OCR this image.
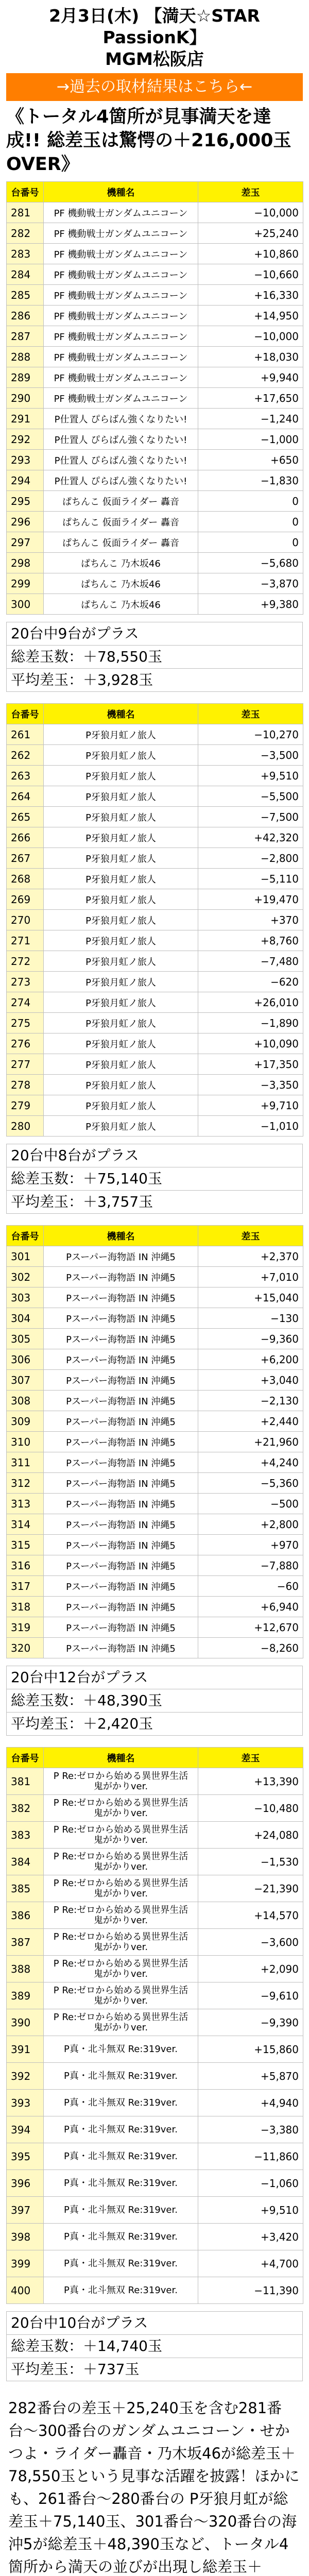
2月3日(木) 【満天☆STAR PassionK】
MGM松阪店
→過去の取材結果はこちら←
《トータル4箇所が見事満天を達成!! 総差玉は驚愕の＋216,000玉OVER》
台番号	機種名	差玉
281	PF 機動戦士ガンダムユニコーン	−10,000
282	PF 機動戦士ガンダムユニコーン	+25,240
283	PF 機動戦士ガンダムユニコーン	+10,860
284	PF 機動戦士ガンダムユニコーン	−10,660
285	PF 機動戦士ガンダムユニコーン	+16,330
286	PF 機動戦士ガンダムユニコーン	+14,950
287	PF 機動戦士ガンダムユニコーン	−10,000
288	PF 機動戦士ガンダムユニコーン	+18,030
289	PF 機動戦士ガンダムユニコーン	+9,940
290	PF 機動戦士ガンダムユニコーン	+17,650
291	P仕置人 ぴらばん強くなりたい!	−1,240
292	P仕置人 ぴらばん強くなりたい!	−1,000
293	P仕置人 ぴらばん強くなりたい!	+650
294	P仕置人 ぴらばん強くなりたい!	−1,830
295	ぱちんこ 仮面ライダー 轟音	0
296	ぱちんこ 仮面ライダー 轟音	0
297	ぱちんこ 仮面ライダー 轟音	0
298	ぱちんこ 乃木坂46	−5,680
299	ぱちんこ 乃木坂46	−3,870
300	ぱちんこ 乃木坂46	+9,380
20台中9台がプラス
総差玉数：＋78,550玉
平均差玉：＋3,928玉
台番号	機種名	差玉
261	P牙狼月虹ノ旅人	−10,270
262	P牙狼月虹ノ旅人	−3,500
263	P牙狼月虹ノ旅人	+9,510
264	P牙狼月虹ノ旅人	−5,500
265	P牙狼月虹ノ旅人	−7,500
266	P牙狼月虹ノ旅人	+42,320
267	P牙狼月虹ノ旅人	−2,800
268	P牙狼月虹ノ旅人	−5,110
269	P牙狼月虹ノ旅人	+19,470
270	P牙狼月虹ノ旅人	+370
271	P牙狼月虹ノ旅人	+8,760
272	P牙狼月虹ノ旅人	−7,480
273	P牙狼月虹ノ旅人	−620
274	P牙狼月虹ノ旅人	+26,010
275	P牙狼月虹ノ旅人	−1,890
276	P牙狼月虹ノ旅人	+10,090
277	P牙狼月虹ノ旅人	+17,350
278	P牙狼月虹ノ旅人	−3,350
279	P牙狼月虹ノ旅人	+9,710
280	P牙狼月虹ノ旅人	−1,010
20台中8台がプラス
総差玉数：＋75,140玉
平均差玉：＋3,757玉
台番号	機種名	差玉
301	Pスーパー海物語 IN 沖縄5	+2,370
302	Pスーパー海物語 IN 沖縄5	+7,010
303	Pスーパー海物語 IN 沖縄5	+15,040
304	Pスーパー海物語 IN 沖縄5	−130
305	Pスーパー海物語 IN 沖縄5	−9,360
306	Pスーパー海物語 IN 沖縄5	+6,200
307	Pスーパー海物語 IN 沖縄5	+3,040
308	Pスーパー海物語 IN 沖縄5	−2,130
309	Pスーパー海物語 IN 沖縄5	+2,440
310	Pスーパー海物語 IN 沖縄5	+21,960
311	Pスーパー海物語 IN 沖縄5	+4,240
312	Pスーパー海物語 IN 沖縄5	−5,360
313	Pスーパー海物語 IN 沖縄5	−500
314	Pスーパー海物語 IN 沖縄5	+2,800
315	Pスーパー海物語 IN 沖縄5	+970
316	Pスーパー海物語 IN 沖縄5	−7,880
317	Pスーパー海物語 IN 沖縄5	−60
318	Pスーパー海物語 IN 沖縄5	+6,940
319	Pスーパー海物語 IN 沖縄5	+12,670
320	Pスーパー海物語 IN 沖縄5	−8,260
20台中12台がプラス
総差玉数：＋48,390玉
平均差玉：＋2,420玉
台番号	機種名	差玉
381	P Re:ゼロから始める異世界生活 鬼がかりver.	+13,390
382	P Re:ゼロから始める異世界生活 鬼がかりver.	−10,480
383	P Re:ゼロから始める異世界生活 鬼がかりver.	+24,080
384	P Re:ゼロから始める異世界生活 鬼がかりver.	−1,530
385	P Re:ゼロから始める異世界生活 鬼がかりver.	−21,390
386	P Re:ゼロから始める異世界生活 鬼がかりver.	+14,570
387	P Re:ゼロから始める異世界生活 鬼がかりver.	−3,600
388	P Re:ゼロから始める異世界生活 鬼がかりver.	+2,090
389	P Re:ゼロから始める異世界生活 鬼がかりver.	−9,610
390	P Re:ゼロから始める異世界生活 鬼がかりver.	−9,390
391	P真・北斗無双 Re:319ver.	+15,860
392	P真・北斗無双 Re:319ver.	+5,870
393	P真・北斗無双 Re:319ver.	+4,940
394	P真・北斗無双 Re:319ver.	−3,380
395	P真・北斗無双 Re:319ver.	−11,860
396	P真・北斗無双 Re:319ver.	−1,060
397	P真・北斗無双 Re:319ver.	+9,510
398	P真・北斗無双 Re:319ver.	+3,420
399	P真・北斗無双 Re:319ver.	+4,700
400	P真・北斗無双 Re:319ver.	−11,390
20台中10台がプラス
総差玉数：＋14,740玉
平均差玉：＋737玉
282番台の差玉＋25,240玉を含む281番台〜300番台のガンダムユニコーン・せかつよ・ライダー轟音・乃木坂46が総差玉＋78,550玉という見事な活躍を披露！ほかにも、261番台〜280番台の P牙狼月虹が総差玉＋75,140玉、301番台〜320番台の海沖5が総差玉＋48,390玉など、トータル4箇所から満天の並びが出現し総差玉＋
